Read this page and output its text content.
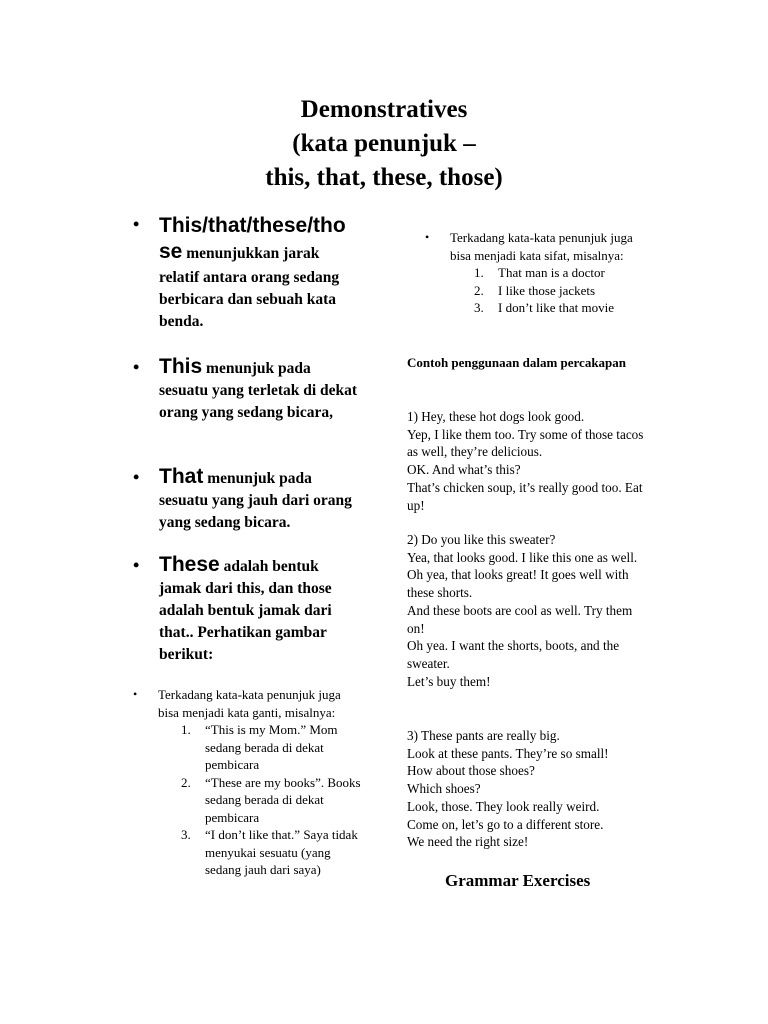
Demonstratives
(kata penunjuk –
this, that, these, those)
• This/that/these/tho
se menunjukkan jarak
relatif antara orang sedang berbicara dan sebuah kata benda.
• This menunjuk pada sesuatu yang terletak di dekat orang yang sedang bicara,
• That menunjuk pada sesuatu yang jauh dari orang yang sedang bicara.
• These adalah bentuk jamak dari this, dan those adalah bentuk jamak dari that.. Perhatikan gambar berikut:
• Terkadang kata-kata penunjuk juga bisa menjadi kata ganti, misalnya:
1. “This is my Mom.” Mom sedang berada di dekat pembicara
2. “These are my books”. Books sedang berada di dekat pembicara
3. “I don’t like that.” Saya tidak menyukai sesuatu (yang sedang jauh dari saya)
• Terkadang kata-kata penunjuk juga bisa menjadi kata sifat, misalnya:
1. That man is a doctor
2. I like those jackets
3. I don’t like that movie
Contoh penggunaan dalam percakapan

1) Hey, these hot dogs look good.

Yep, I like them too. Try some of those tacos as well, they’re delicious.

OK. And what’s this?

That’s chicken soup, it’s really good too. Eat up!

2) Do you like this sweater?

Yea, that looks good. I like this one as well.

Oh yea, that looks great! It goes well with these shorts.

And these boots are cool as well. Try them on!

Oh yea. I want the shorts, boots, and the sweater.

Let’s buy them!

3) These pants are really big.

Look at these pants. They’re so small!

How about those shoes?

Which shoes?

Look, those. They look really weird.

Come on, let’s go to a different store.

We need the right size!

Grammar Exercises
